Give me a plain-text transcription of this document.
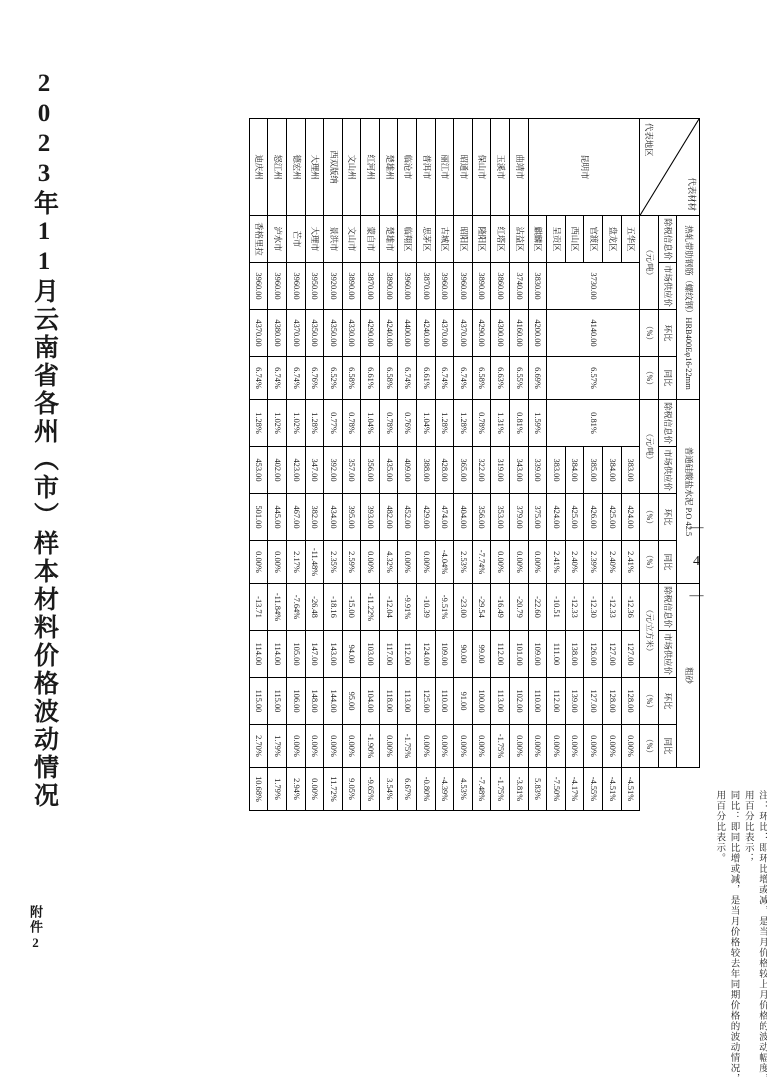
附件2
2023年11月云南省各州（市）样本材料价格波动情况	— 4 —
注：环比：即环比增或减，是当月价格较上月价格的波动幅度，用百分比表示；
同比：即同比增或减，是当月价格较去年同期价格的波动情况，用百分比表示。
代表材材
代表地区	热轧带肋钢筋（螺纹钢）HRB400Eφ16-22mm				普通硅酸盐水泥 P.O 42.5				粗砂				
	除税信息价	市场供应价	环比	同比	除税信息价	市场供应价	环比	同比	除税信息价	市场供应价	环比	同比	
	（元/吨）		（%）	（%）	（元/吨）		（%）	（%）	（元/立方米）		（%）	（%）	
昆明市	五华区	3730.00	4140.00	6.57%	0.81%	383.00	424.00	2.41%	-12.36	127.00	128.00	0.00%	-4.51%
	盘龙区					384.00	425.00	2.40%	-12.33	127.00	128.00	0.00%	-4.51%
	官渡区					385.00	426.00	2.39%	-12.30	126.00	127.00	0.00%	-4.55%
	西山区					384.00	425.00	2.40%	-12.33	138.00	139.00	0.00%	-4.17%
	呈贡区					383.00	424.00	2.41%	-10.51	111.00	112.00	0.00%	-7.50%
	麒麟区	3830.00	4200.00	6.69%	1.59%	339.00	375.00	0.00%	-22.60	109.00	110.00	0.00%	5.83%
曲靖市	沾益区	3740.00	4160.00	6.55%	0.81%	343.00	379.00	0.00%	-20.79	101.00	102.00	0.00%	-3.81%
玉溪市	红塔区	3860.00	4300.00	6.63%	1.31%	319.00	353.00	0.00%	-16.49	112.00	113.00	-1.75%	-1.75%
保山市	隆阳区	3890.00	4290.00	6.58%	0.78%	322.00	356.00	-7.74%	-29.54	99.00	100.00	0.00%	-7.48%
昭通市	昭阳区	3960.00	4370.00	6.74%	1.28%	365.00	404.00	2.53%	-23.00	90.00	91.00	0.00%	4.53%
丽江市	古城区	3960.00	4370.00	6.74%	1.28%	428.00	474.00	-4.04%	-9.51%	109.00	110.00	0.00%	-4.39%
普洱市	思茅区	3870.00	4240.00	6.61%	1.04%	388.00	429.00	0.00%	-10.39	124.00	125.00	0.00%	-0.80%
临沧市	临翔区	3960.00	4400.00	6.74%	0.76%	409.00	452.00	0.00%	-9.91%	112.00	113.00	-1.75%	6.67%
楚雄州	楚雄市	3890.00	4240.00	6.58%	0.78%	435.00	482.00	4.32%	-12.04	117.00	118.00	0.00%	3.54%
红河州	蒙自市	3870.00	4290.00	6.61%	1.04%	356.00	393.00	0.00%	-11.22%	103.00	104.00	-1.90%	-9.65%
文山州	文山市	3890.00	4330.00	6.58%	0.78%	357.00	395.00	2.59%	-15.00	94.00	95.00	0.00%	9.05%
西双版纳	景洪市	3920.00	4350.00	6.52%	0.77%	392.00	434.00	2.35%	-18.16	143.00	144.00	0.00%	11.72%
大理州	大理市	3950.00	4350.00	6.76%	1.28%	347.00	382.00	-11.48%	-26.48	147.00	148.00	0.00%	0.00%
德宏州	芒市	3960.00	4370.00	6.74%	1.02%	423.00	467.00	2.17%	-7.64%	105.00	106.00	0.00%	2.94%
怒江州	泸水市	3960.00	4380.00	6.74%	1.02%	402.00	445.00	0.00%	-11.84%	114.00	115.00	1.79%	1.79%
迪庆州	香格里拉	3960.00	4370.00	6.74%	1.28%	453.00	501.00	0.00%	-13.71	114.00	115.00	2.70%	10.68%
